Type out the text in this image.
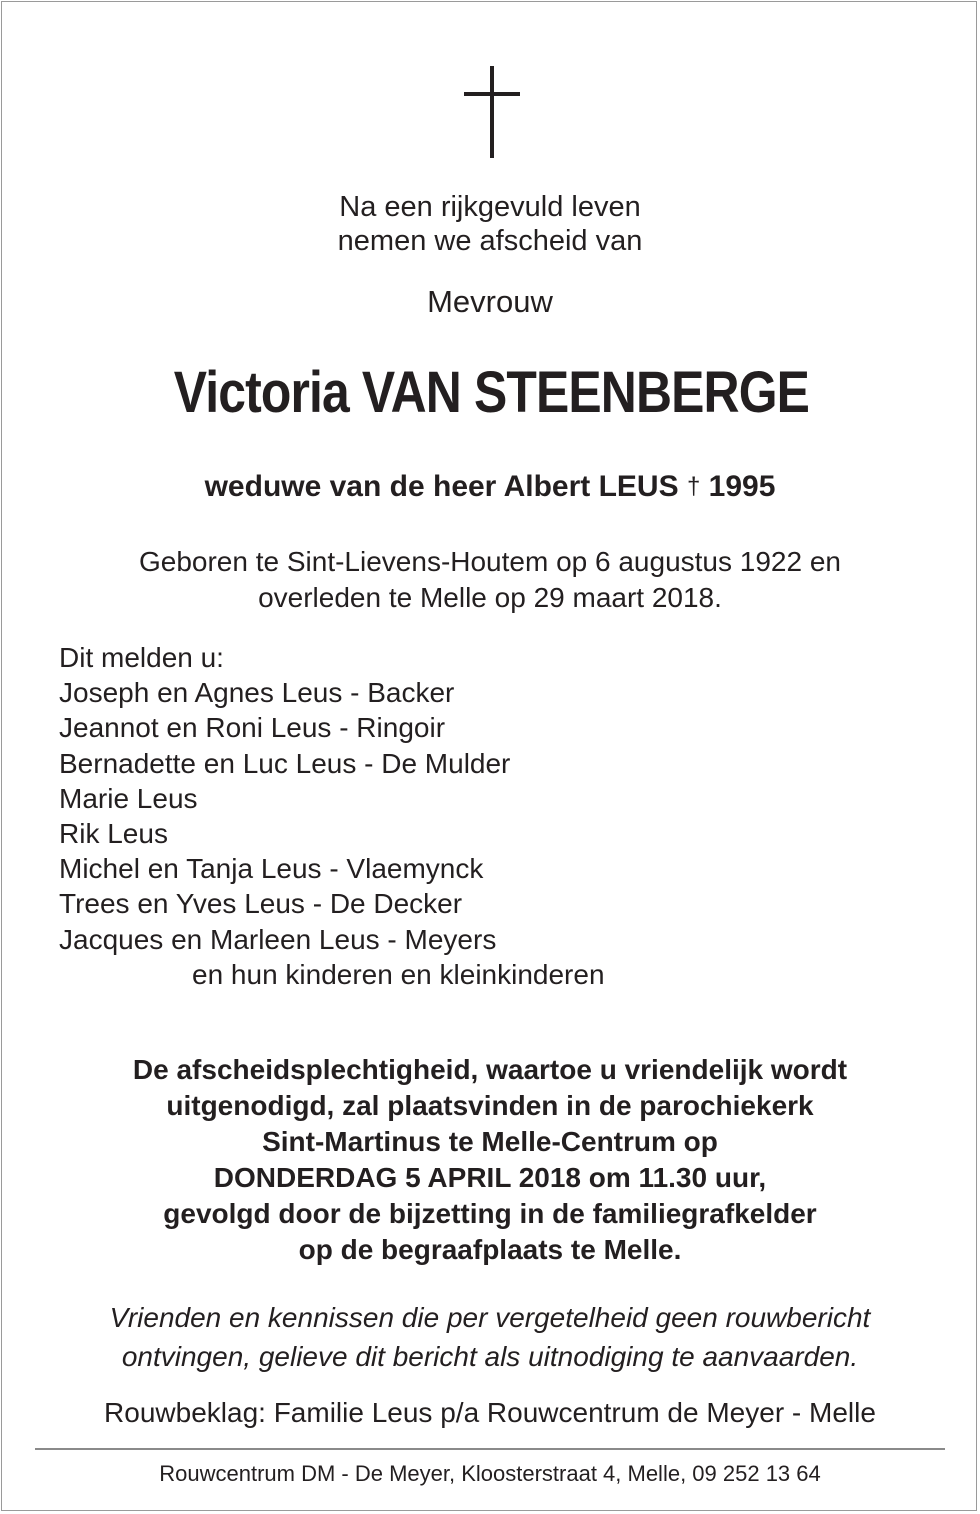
Na een rijkgevuld leven
nemen we afscheid van
Mevrouw
Victoria VAN STEENBERGE
weduwe van de heer Albert LEUS † 1995
Geboren te Sint-Lievens-Houtem op 6 augustus 1922 en
overleden te Melle op 29 maart 2018.
Dit melden u:
Joseph en Agnes Leus - Backer
Jeannot en Roni Leus - Ringoir
Bernadette en Luc Leus - De Mulder
Marie Leus
Rik Leus
Michel en Tanja Leus - Vlaemynck
Trees en Yves Leus - De Decker
Jacques en Marleen Leus - Meyers
en hun kinderen en kleinkinderen
De afscheidsplechtigheid, waartoe u vriendelijk wordt
uitgenodigd, zal plaatsvinden in de parochiekerk
Sint-Martinus te Melle-Centrum op
DONDERDAG 5 APRIL 2018 om 11.30 uur,
gevolgd door de bijzetting in de familiegrafkelder
op de begraafplaats te Melle.
Vrienden en kennissen die per vergetelheid geen rouwbericht
ontvingen, gelieve dit bericht als uitnodiging te aanvaarden.
Rouwbeklag: Familie Leus p/a Rouwcentrum de Meyer - Melle
Rouwcentrum DM - De Meyer, Kloosterstraat 4, Melle, 09 252 13 64
